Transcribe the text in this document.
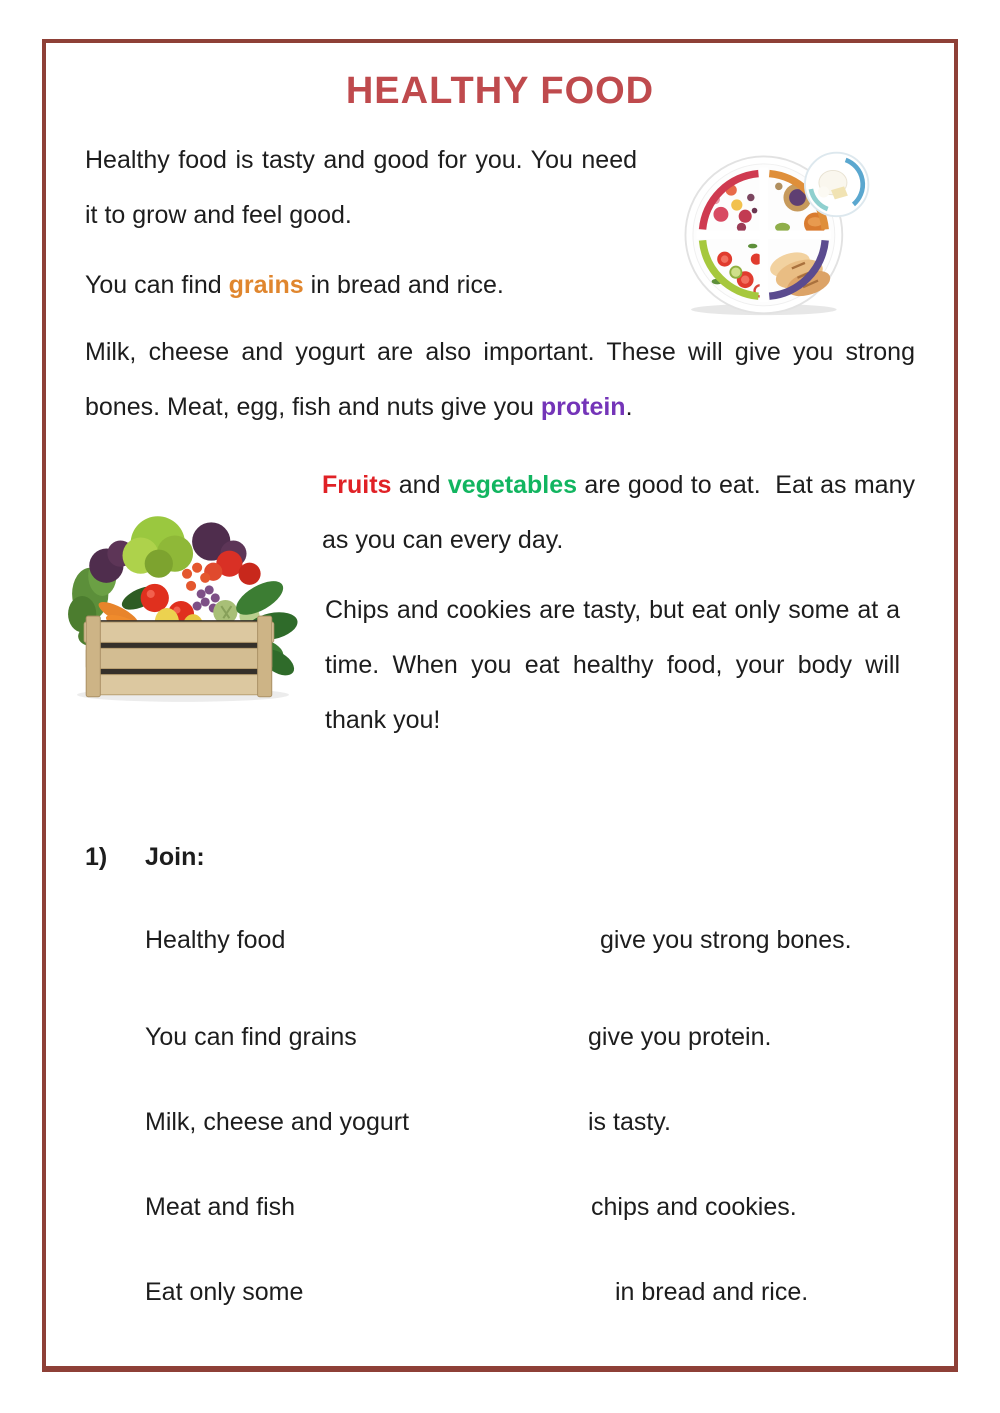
HEALTHY FOOD

Healthy food is tasty and good for you. You need it to grow and feel good.

You can find grains in bread and rice.

Milk, cheese and yogurt are also important. These will give you strong bones. Meat, egg, fish and nuts give you protein.

Fruits and vegetables are good to eat.  Eat as many as you can every day.

Chips and cookies are tasty, but eat only some at a time. When you eat healthy food, your body will thank you!

1)	Join:
Healthy food	give you strong bones.
You can find grains	give you protein.
Milk, cheese and yogurt	is tasty.
Meat and fish	chips and cookies.
Eat only some	in bread and rice.
